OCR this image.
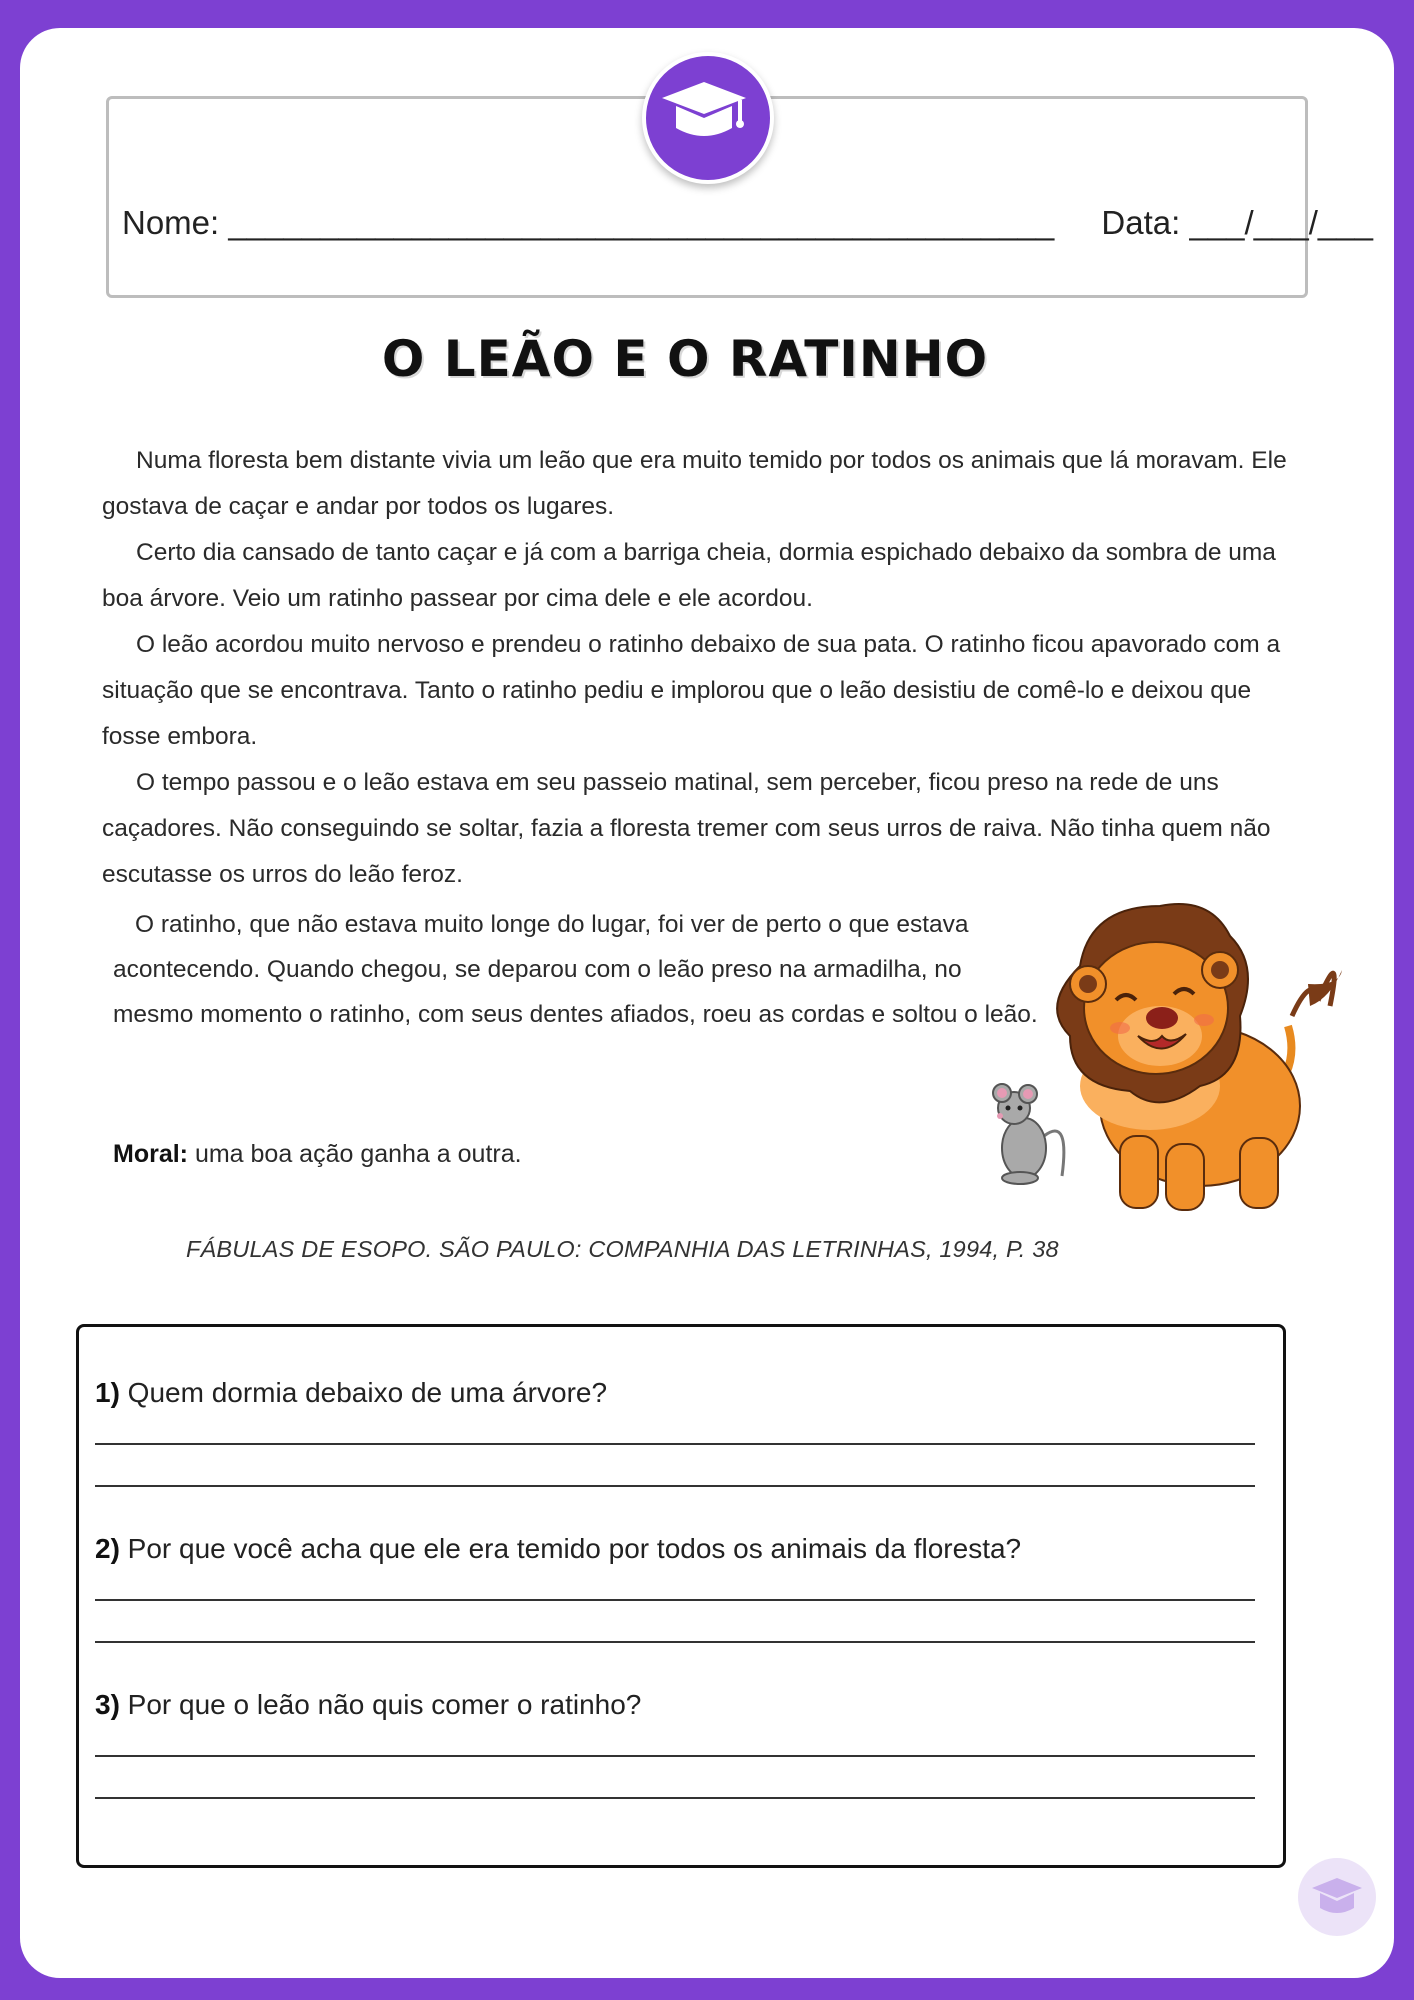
Nome: _____________________________________________ Data: ___/___/___
O LEÃO E O RATINHO

Numa floresta bem distante vivia um leão que era muito temido por todos os animais que lá moravam. Ele gostava de caçar e andar por todos os lugares.

Certo dia cansado de tanto caçar e já com a barriga cheia, dormia espichado debaixo da sombra de uma boa árvore. Veio um ratinho passear por cima dele e ele acordou.

O leão acordou muito nervoso e prendeu o ratinho debaixo de sua pata. O ratinho ficou apavorado com a situação que se encontrava. Tanto o ratinho pediu e implorou que o leão desistiu de comê-lo e deixou que fosse embora.

O tempo passou e o leão estava em seu passeio matinal, sem perceber, ficou preso na rede de uns caçadores. Não conseguindo se soltar, fazia a floresta tremer com seus urros de raiva. Não tinha quem não escutasse os urros do leão feroz.

O ratinho, que não estava muito longe do lugar, foi ver de perto o que estava acontecendo. Quando chegou, se deparou com o leão preso na armadilha, no mesmo momento o ratinho, com seus dentes afiados, roeu as cordas e soltou o leão.

Moral: uma boa ação ganha a outra.
FÁBULAS DE ESOPO. SÃO PAULO: COMPANHIA DAS LETRINHAS, 1994, P. 38
1) Quem dormia debaixo de uma árvore?
2) Por que você acha que ele era temido por todos os animais da floresta?
3) Por que o leão não quis comer o ratinho?
